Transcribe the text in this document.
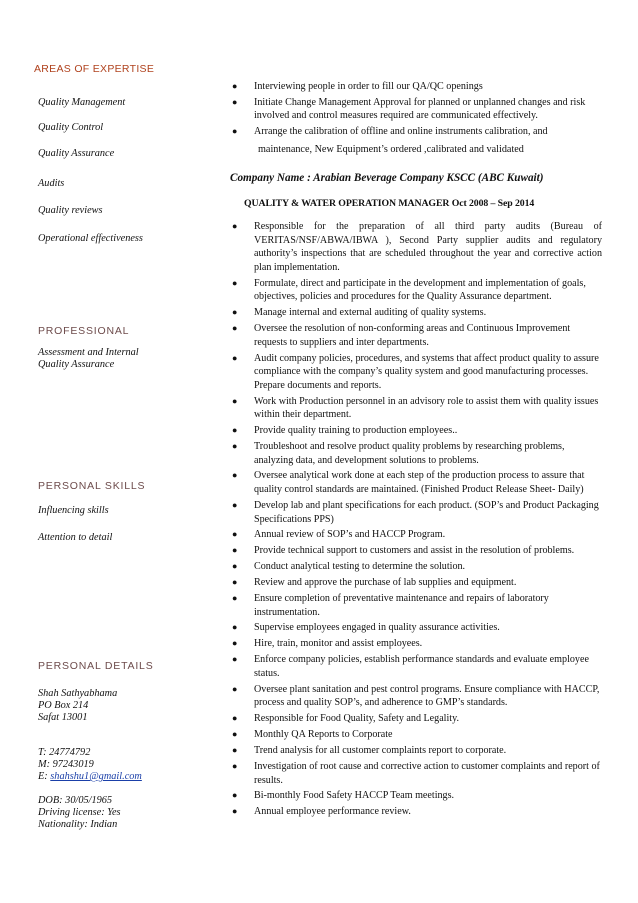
AREAS OF EXPERTISE
Quality Management
Quality Control
Quality Assurance
Audits
Quality reviews
Operational effectiveness
PROFESSIONAL
Assessment and Internal
Quality Assurance
PERSONAL SKILLS
Influencing skills
Attention to detail
PERSONAL DETAILS
Shah Sathyabhama
PO Box 214
Safat 13001
T: 24774792
M: 97243019
E: shahshu1@gmail.com
DOB: 30/05/1965
Driving license: Yes
Nationality: Indian
● Interviewing people in order to fill our QA/QC openings
● Initiate Change Management Approval for planned or unplanned changes and risk involved and control measures required are communicated effectively.
● Arrange the calibration of offline and online instruments calibration, and
maintenance, New Equipment’s ordered ,calibrated and validated
Company Name : Arabian Beverage Company KSCC (ABC Kuwait)
QUALITY & WATER OPERATION MANAGER Oct 2008 – Sep 2014
● Responsible for the preparation of all third party audits (Bureau of VERITAS/NSF/ABWA/IBWA ), Second Party supplier audits and regulatory authority’s inspections that are scheduled throughout the year and corrective action plan implementation.
● Formulate, direct and participate in the development and implementation of goals, objectives, policies and procedures for the Quality Assurance department.
● Manage internal and external auditing of quality systems.
● Oversee the resolution of non-conforming areas and Continuous Improvement requests to suppliers and inter departments.
● Audit company policies, procedures, and systems that affect product quality to assure compliance with the company’s quality system and good manufacturing processes. Prepare documents and reports.
● Work with Production personnel in an advisory role to assist them with quality issues within their department.
● Provide quality training to production employees..
● Troubleshoot and resolve product quality problems by researching problems, analyzing data, and development solutions to problems.
● Oversee analytical work done at each step of the production process to assure that quality control standards are maintained. (Finished Product Release Sheet- Daily)
● Develop lab and plant specifications for each product. (SOP’s and Product Packaging Specifications PPS)
● Annual review of SOP’s and HACCP Program.
● Provide technical support to customers and assist in the resolution of problems.
● Conduct analytical testing to determine the solution.
● Review and approve the purchase of lab supplies and equipment.
● Ensure completion of preventative maintenance and repairs of laboratory instrumentation.
● Supervise employees engaged in quality assurance activities.
● Hire, train, monitor and assist employees.
● Enforce company policies, establish performance standards and evaluate employee status.
● Oversee plant sanitation and pest control programs. Ensure compliance with HACCP, process and quality SOP’s, and adherence to GMP’s standards.
● Responsible for Food Quality, Safety and Legality.
● Monthly QA Reports to Corporate
● Trend analysis for all customer complaints report to corporate.
● Investigation of root cause and corrective action to customer complaints and report of results.
● Bi-monthly Food Safety HACCP Team meetings.
● Annual employee performance review.
